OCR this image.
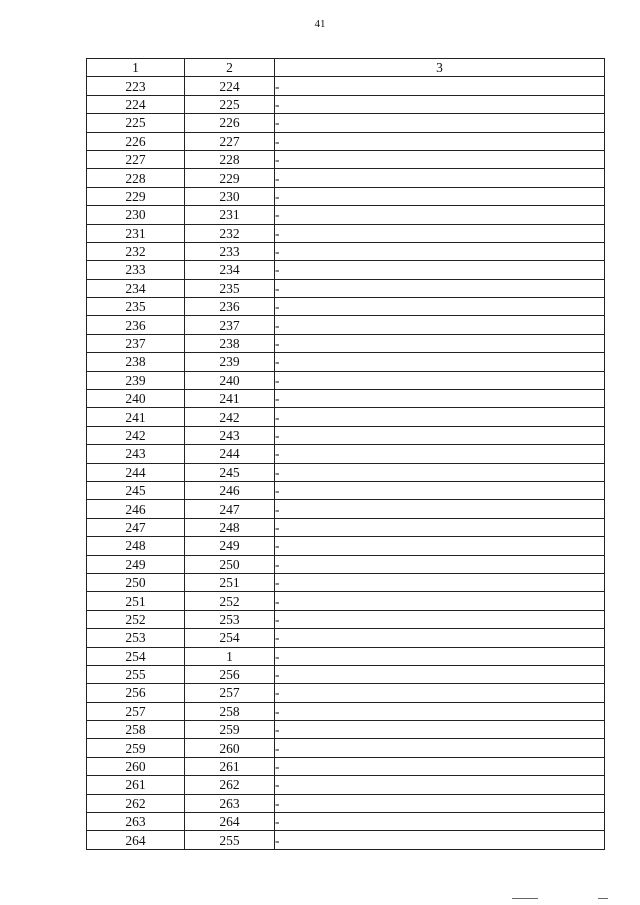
41
1	2	3
223	224	-
224	225	-
225	226	-
226	227	-
227	228	-
228	229	-
229	230	-
230	231	-
231	232	-
232	233	-
233	234	-
234	235	-
235	236	-
236	237	-
237	238	-
238	239	-
239	240	-
240	241	-
241	242	-
242	243	-
243	244	-
244	245	-
245	246	-
246	247	-
247	248	-
248	249	-
249	250	-
250	251	-
251	252	-
252	253	-
253	254	-
254	1	-
255	256	-
256	257	-
257	258	-
258	259	-
259	260	-
260	261	-
261	262	-
262	263	-
263	264	-
264	255	-
